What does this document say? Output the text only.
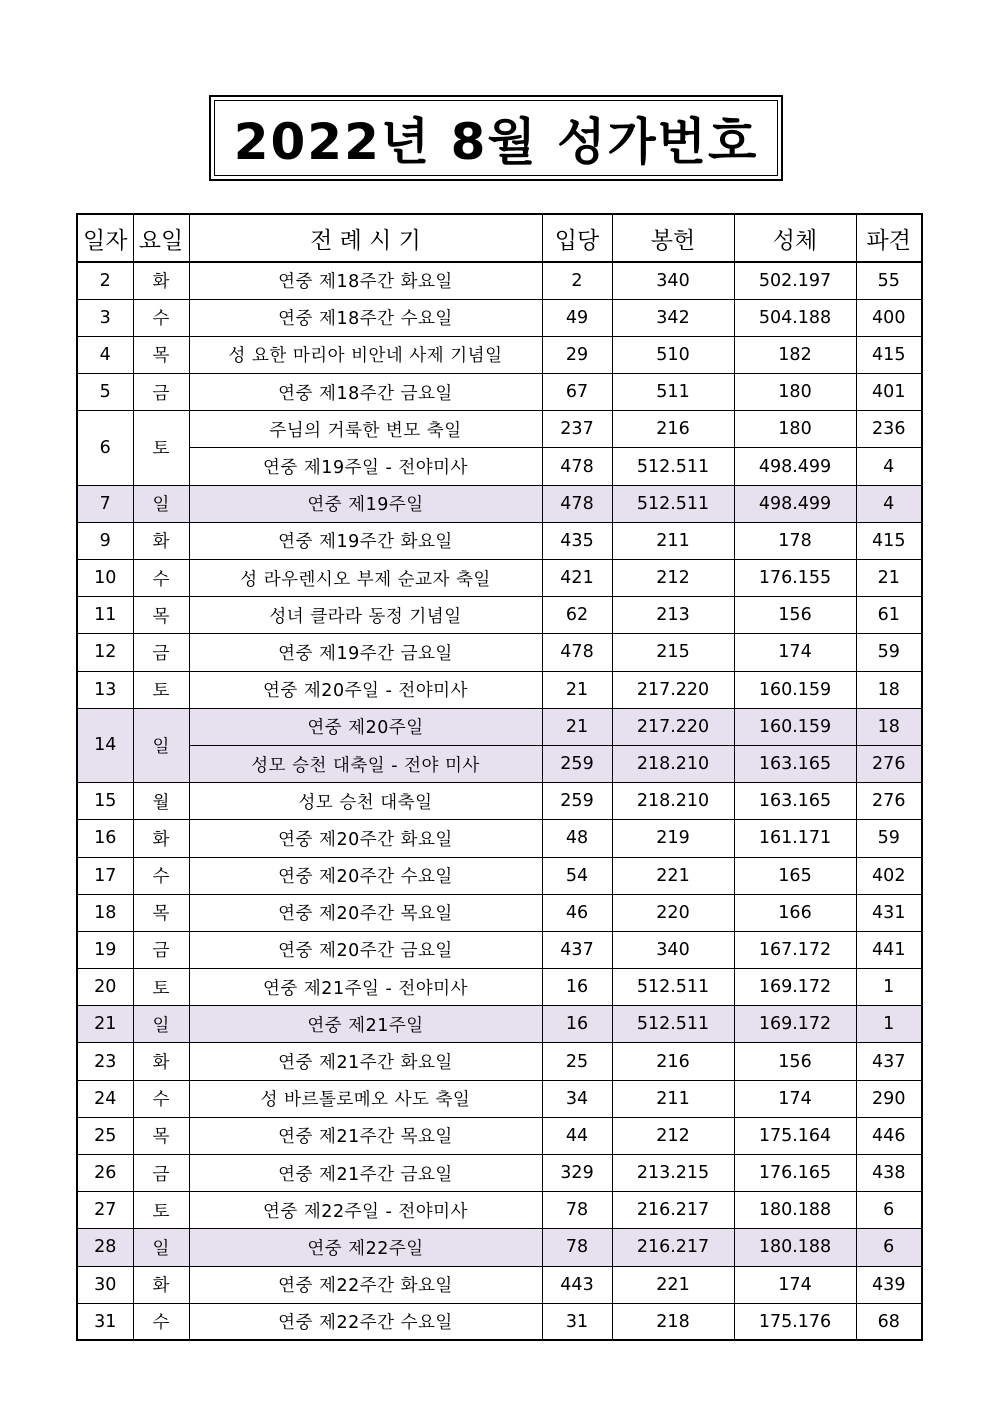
2022년 8월 성가번호
일자	요일	전 례 시 기	입당	봉헌	성체	파견
2	화	연중 제18주간 화요일	2	340	502.197	55
3	수	연중 제18주간 수요일	49	342	504.188	400
4	목	성 요한 마리아 비안네 사제 기념일	29	510	182	415
5	금	연중 제18주간 금요일	67	511	180	401
6	토	주님의 거룩한 변모 축일	237	216	180	236
		연중 제19주일 - 전야미사	478	512.511	498.499	4
7	일	연중 제19주일	478	512.511	498.499	4
9	화	연중 제19주간 화요일	435	211	178	415
10	수	성 라우렌시오 부제 순교자 축일	421	212	176.155	21
11	목	성녀 클라라 동정 기념일	62	213	156	61
12	금	연중 제19주간 금요일	478	215	174	59
13	토	연중 제20주일 - 전야미사	21	217.220	160.159	18
14	일	연중 제20주일	21	217.220	160.159	18
		성모 승천 대축일 - 전야 미사	259	218.210	163.165	276
15	월	성모 승천 대축일	259	218.210	163.165	276
16	화	연중 제20주간 화요일	48	219	161.171	59
17	수	연중 제20주간 수요일	54	221	165	402
18	목	연중 제20주간 목요일	46	220	166	431
19	금	연중 제20주간 금요일	437	340	167.172	441
20	토	연중 제21주일 - 전야미사	16	512.511	169.172	1
21	일	연중 제21주일	16	512.511	169.172	1
23	화	연중 제21주간 화요일	25	216	156	437
24	수	성 바르톨로메오 사도 축일	34	211	174	290
25	목	연중 제21주간 목요일	44	212	175.164	446
26	금	연중 제21주간 금요일	329	213.215	176.165	438
27	토	연중 제22주일 - 전야미사	78	216.217	180.188	6
28	일	연중 제22주일	78	216.217	180.188	6
30	화	연중 제22주간 화요일	443	221	174	439
31	수	연중 제22주간 수요일	31	218	175.176	68
